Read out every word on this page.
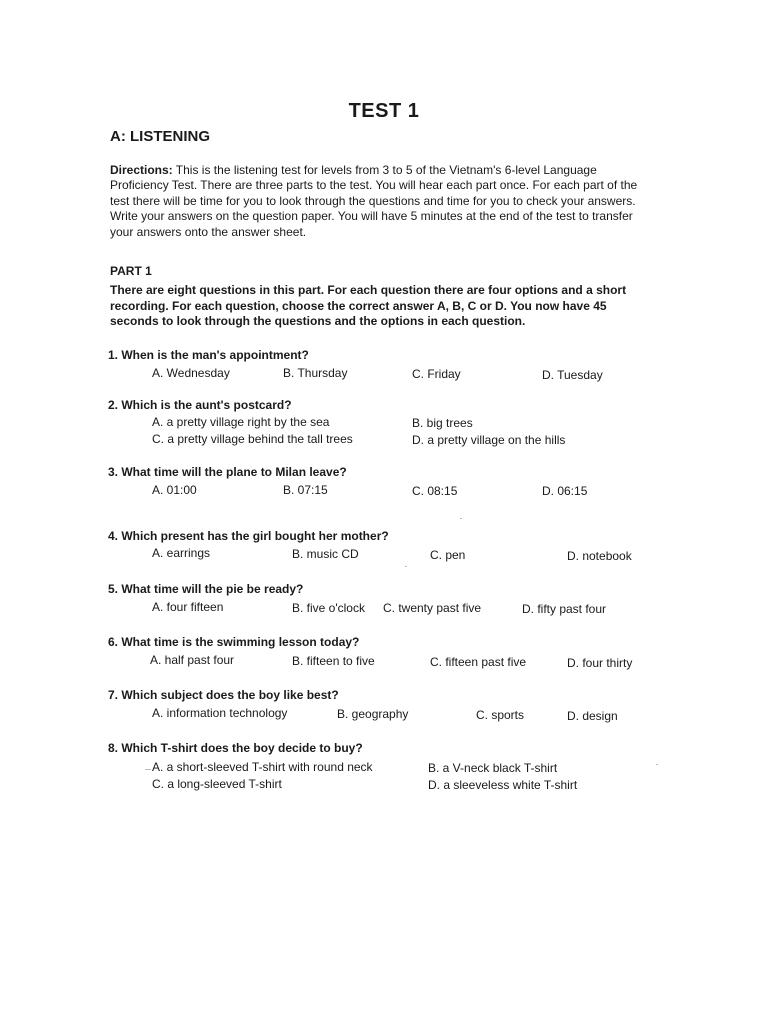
TEST 1
A: LISTENING
Directions: This is the listening test for levels from 3 to 5 of the Vietnam's 6-level Language Proficiency Test. There are three parts to the test. You will hear each part once. For each part of the test there will be time for you to look through the questions and time for you to check your answers. Write your answers on the question paper. You will have 5 minutes at the end of the test to transfer your answers onto the answer sheet.
PART 1
There are eight questions in this part. For each question there are four options and a short recording. For each question, choose the correct answer A, B, C or D. You now have 45 seconds to look through the questions and the options in each question.
1. When is the man's appointment?
A. Wednesday	B. Thursday	C. Friday	D. Tuesday
2. Which is the aunt's postcard?
A. a pretty village right by the sea	B. big trees
C. a pretty village behind the tall trees	D. a pretty village on the hills
3. What time will the plane to Milan leave?
A. 01:00	B. 07:15	C. 08:15	D. 06:15
4. Which present has the girl bought her mother?
A. earrings	B. music CD	C. pen	D. notebook
5. What time will the pie be ready?
A. four fifteen	B. five o'clock C. twenty past five	D. fifty past four
6. What time is the swimming lesson today?
A. half past four	B. fifteen to five	C. fifteen past five	D. four thirty
7. Which subject does the boy like best?
A. information technology	B. geography	C. sports	D. design
8. Which T-shirt does the boy decide to buy?
A. a short-sleeved T-shirt with round neck	B. a V-neck black T-shirt
C. a long-sleeved T-shirt	D. a sleeveless white T-shirt
